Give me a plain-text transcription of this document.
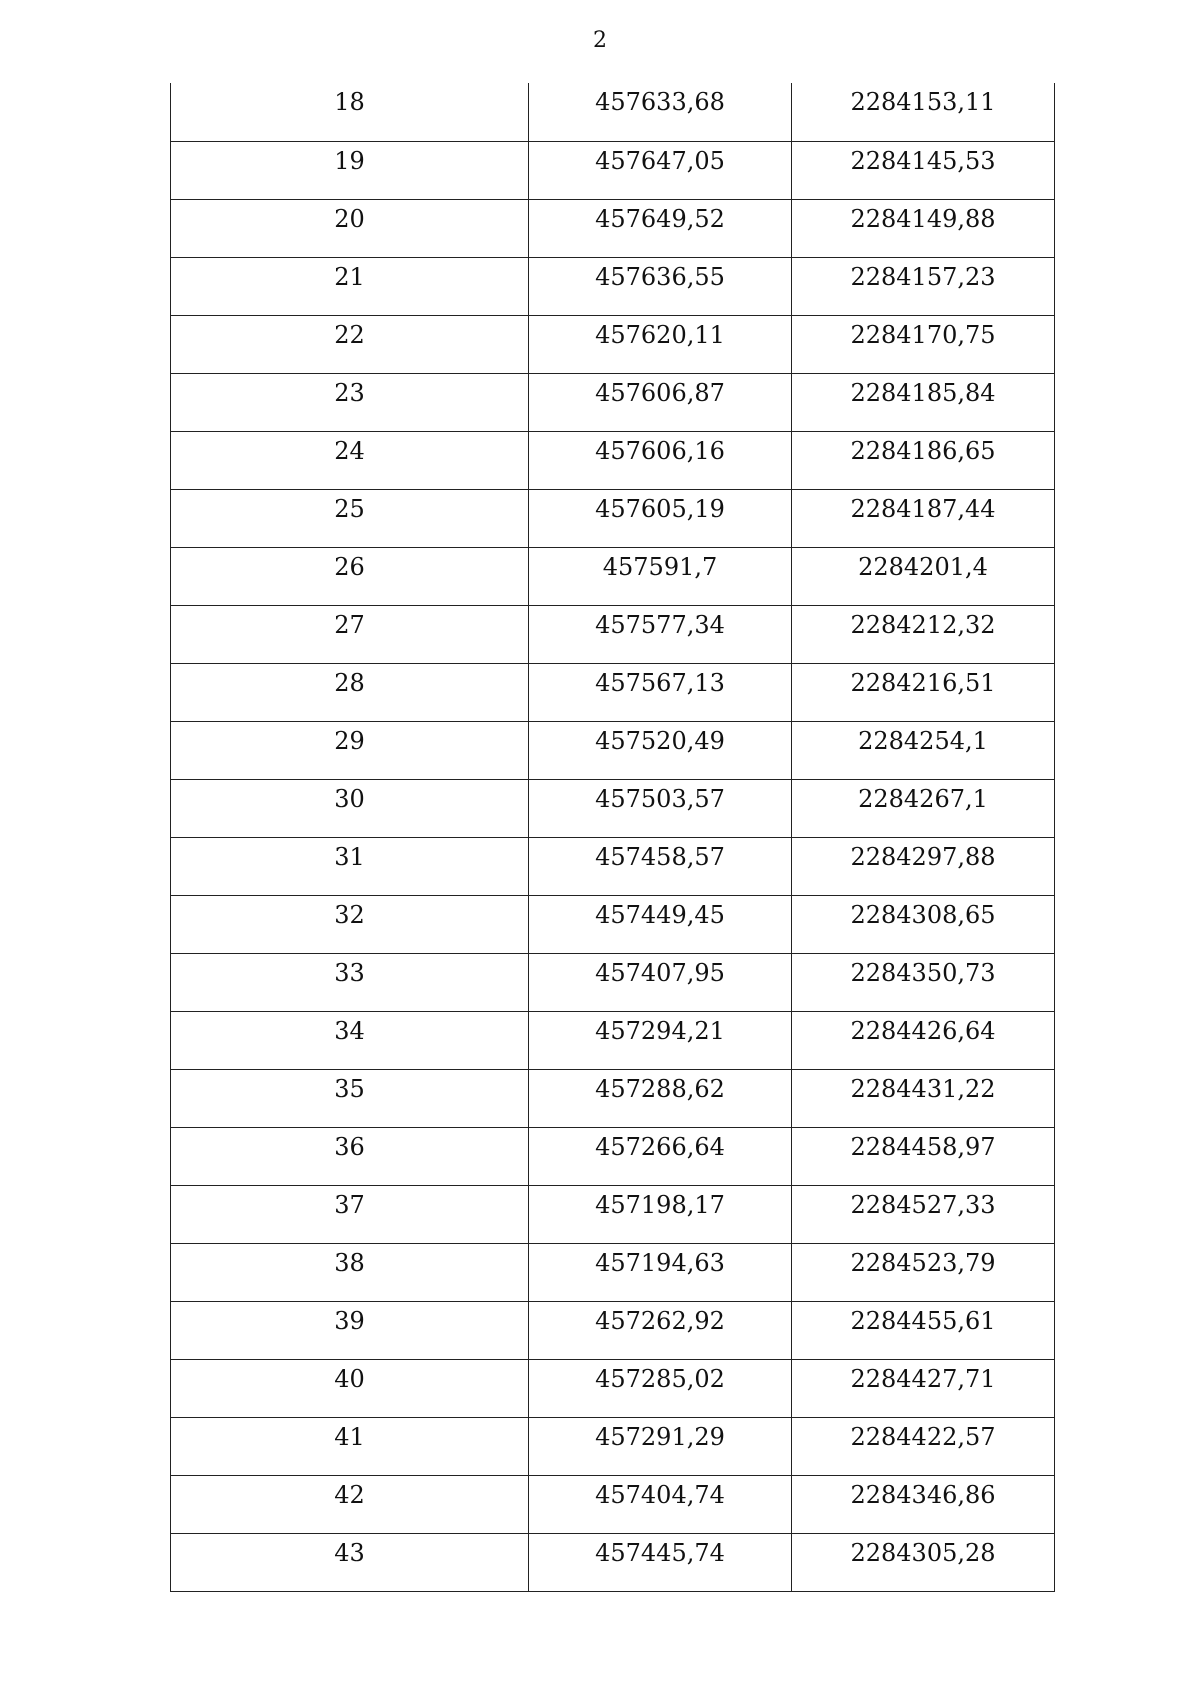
2
18	457633,68	2284153,11
19	457647,05	2284145,53
20	457649,52	2284149,88
21	457636,55	2284157,23
22	457620,11	2284170,75
23	457606,87	2284185,84
24	457606,16	2284186,65
25	457605,19	2284187,44
26	457591,7	2284201,4
27	457577,34	2284212,32
28	457567,13	2284216,51
29	457520,49	2284254,1
30	457503,57	2284267,1
31	457458,57	2284297,88
32	457449,45	2284308,65
33	457407,95	2284350,73
34	457294,21	2284426,64
35	457288,62	2284431,22
36	457266,64	2284458,97
37	457198,17	2284527,33
38	457194,63	2284523,79
39	457262,92	2284455,61
40	457285,02	2284427,71
41	457291,29	2284422,57
42	457404,74	2284346,86
43	457445,74	2284305,28
